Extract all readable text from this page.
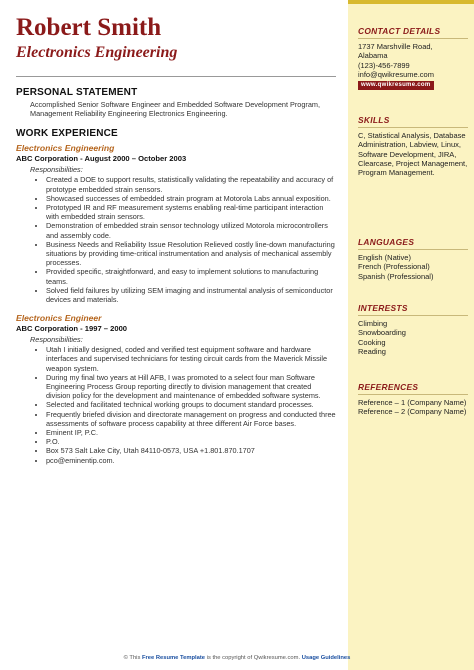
Robert Smith
Electronics Engineering
PERSONAL STATEMENT
Accomplished Senior Software Engineer and Embedded Software Development Program, Management Reliability Engineering Electronics Engineering.
WORK EXPERIENCE
Electronics Engineering
ABC Corporation - August 2000 – October 2003
Responsibilities:
• Created a DOE to support results, statistically validating the repeatability and accuracy of prototype embedded strain sensors.
• Showcased successes of embedded strain program at Motorola Labs annual exposition.
• Prototyped IR and RF measurement systems enabling real-time participant interaction with embedded strain sensors.
• Demonstration of embedded strain sensor technology utilized Motorola microcontrollers and assembly code.
• Business Needs and Reliability Issue Resolution Relieved costly line-down manufacturing situations by providing time-critical instrumentation and analysis of mechanical assembly processes.
• Provided specific, straightforward, and easy to implement solutions to manufacturing teams.
• Solved field failures by utilizing SEM imaging and instrumental analysis of semiconductor devices and materials.
Electronics Engineer
ABC Corporation - 1997 – 2000
Responsibilities:
• Utah I initially designed, coded and verified test equipment software and hardware interfaces and supervised technicians for testing circuit cards from the Maverick Missile weapon system.
• During my final two years at Hill AFB, I was promoted to a select four man Software Engineering Process Group reporting directly to division management that created division policy for the development and maintenance of embedded software systems.
• Selected and facilitated technical working groups to document standard processes.
• Frequently briefed division and directorate management on progress and conducted three assessments of software process capability at three different Air Force bases.
• Eminent IP, P.C.
• P.O.
• Box 573 Salt Lake City, Utah 84110-0573, USA +1.801.870.1707
• pco@eminentip.com.
CONTACT DETAILS
1737 Marshville Road,
Alabama
(123)-456-7899
info@qwikresume.com
www.qwikresume.com
SKILLS
C, Statistical Analysis, Database Administration, Labview, Linux, Software Development, JIRA, Clearcase, Project Management, Program Management.
LANGUAGES
English (Native)
French (Professional)
Spanish (Professional)
INTERESTS
Climbing
Snowboarding
Cooking
Reading
REFERENCES
Reference – 1 (Company Name)
Reference – 2 (Company Name)
© This Free Resume Template is the copyright of Qwikresume.com. Usage Guidelines
